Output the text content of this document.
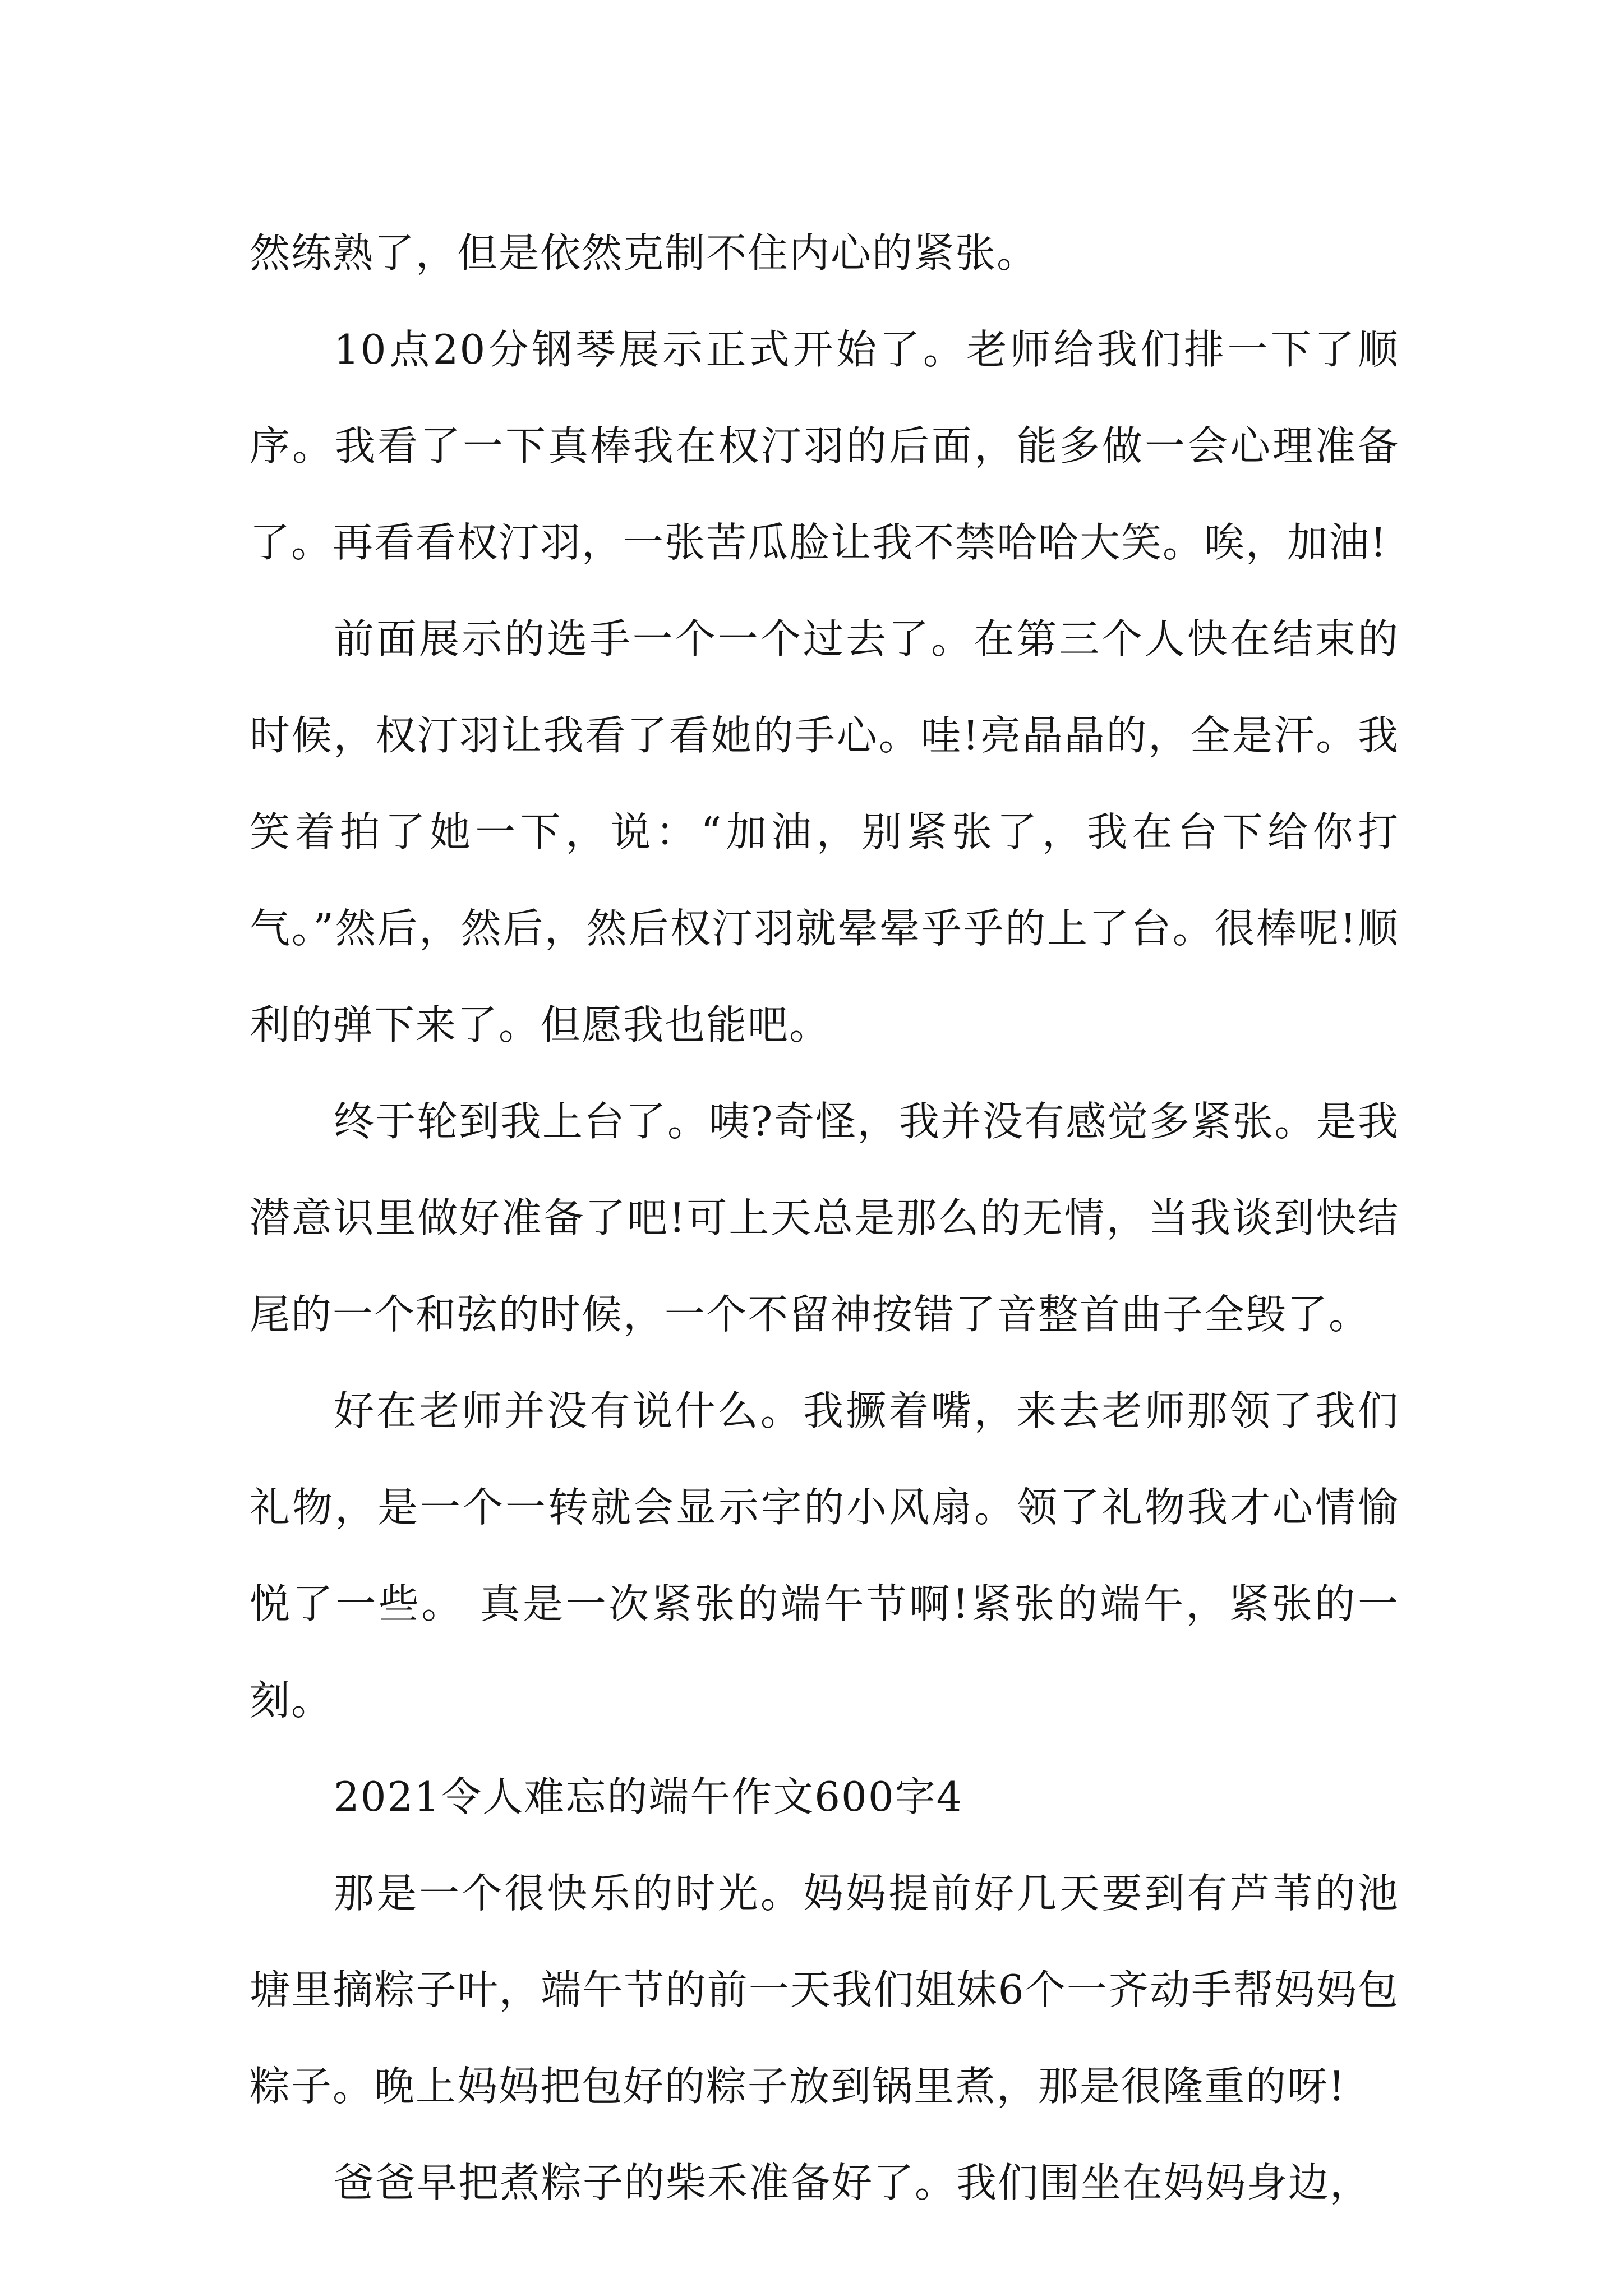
然练熟了，但是依然克制不住内心的紧张。

10点20分钢琴展示正式开始了。老师给我们排一下了顺序。我看了一下真棒我在权汀羽的后面，能多做一会心理准备了。再看看权汀羽，一张苦瓜脸让我不禁哈哈大笑。唉，加油!

前面展示的选手一个一个过去了。在第三个人快在结束的时候，权汀羽让我看了看她的手心。哇!亮晶晶的，全是汗。我笑着拍了她一下，说：“加油，别紧张了，我在台下给你打气。”然后，然后，然后权汀羽就晕晕乎乎的上了台。很棒呢!顺利的弹下来了。但愿我也能吧。

终于轮到我上台了。咦?奇怪，我并没有感觉多紧张。是我潜意识里做好准备了吧!可上天总是那么的无情，当我谈到快结尾的一个和弦的时候，一个不留神按错了音整首曲子全毁了。

好在老师并没有说什么。我撅着嘴，来去老师那领了我们礼物，是一个一转就会显示字的小风扇。领了礼物我才心情愉悦了一些。 真是一次紧张的端午节啊!紧张的端午，紧张的一刻。

2021令人难忘的端午作文600字4

那是一个很快乐的时光。妈妈提前好几天要到有芦苇的池塘里摘粽子叶，端午节的前一天我们姐妹6个一齐动手帮妈妈包粽子。晚上妈妈把包好的粽子放到锅里煮，那是很隆重的呀!

爸爸早把煮粽子的柴禾准备好了。我们围坐在妈妈身边，
